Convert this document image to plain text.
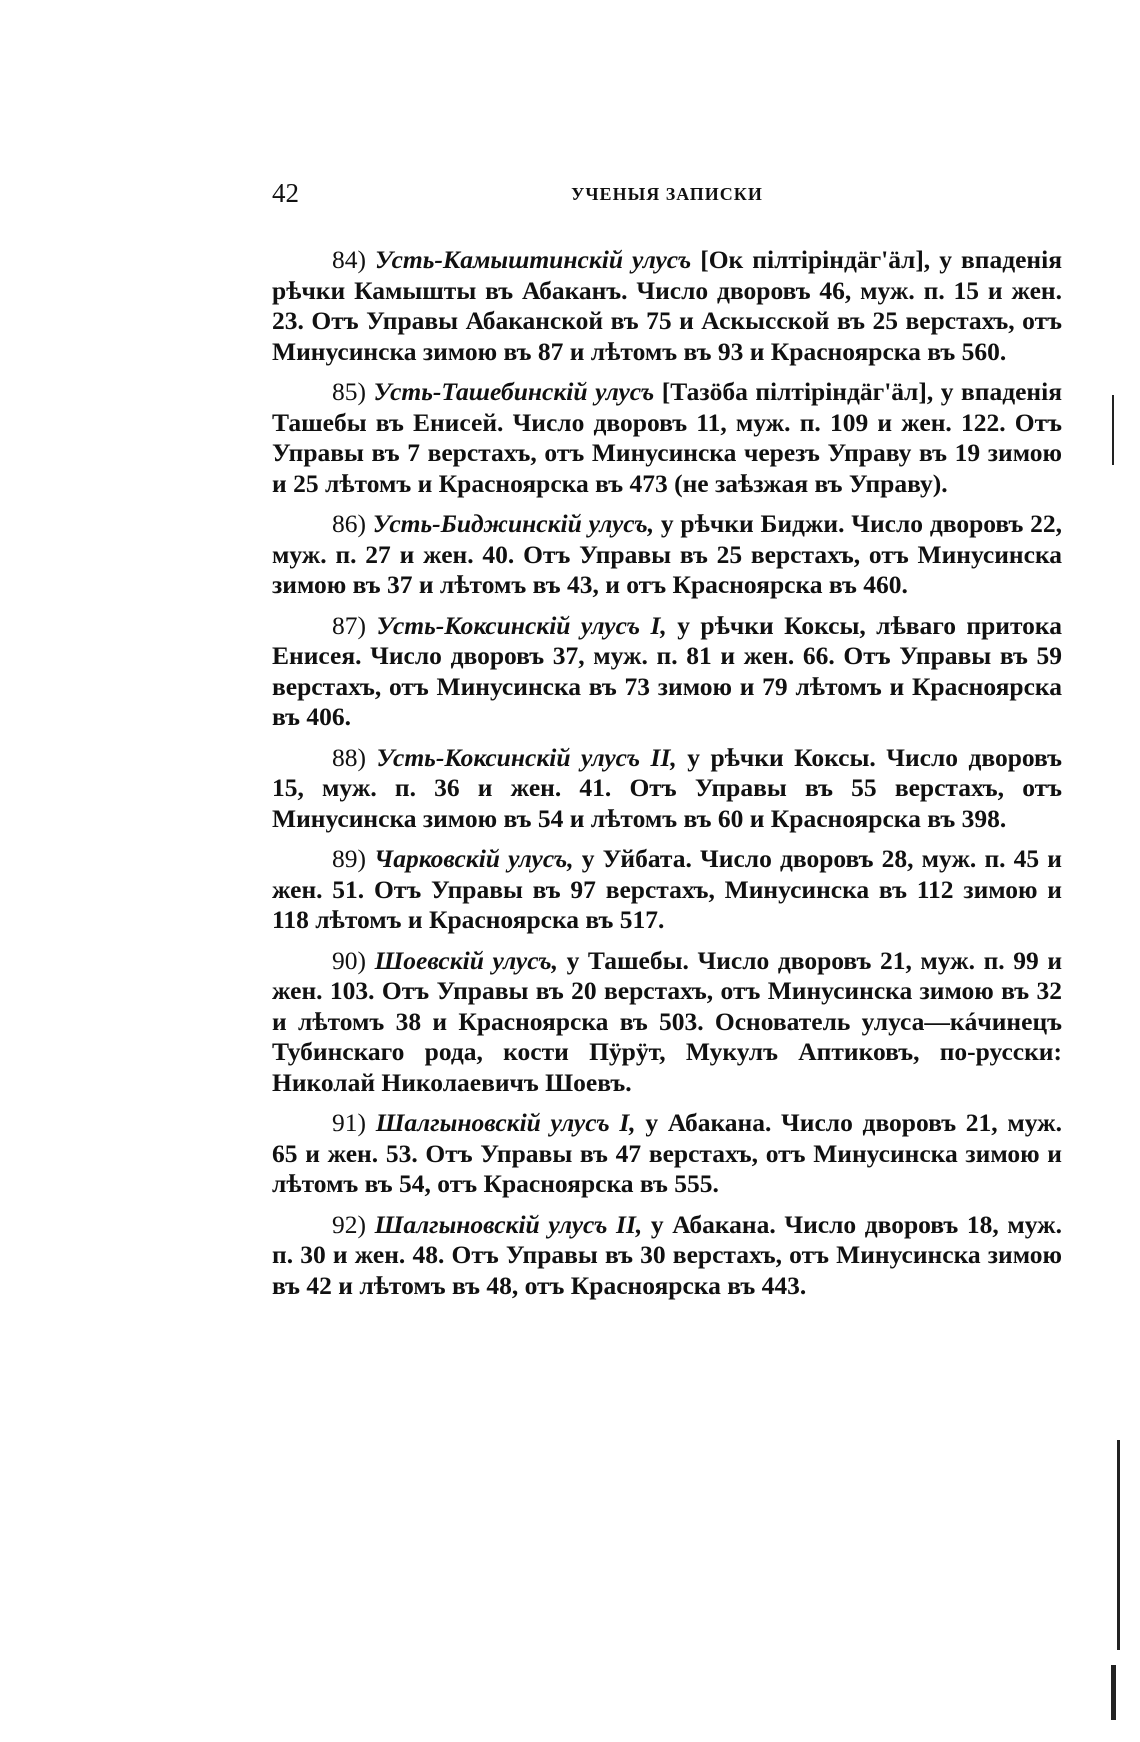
42	УЧЕНЫЯ ЗАПИСКИ

84) Усть-Камыштинскiй улусъ [Ок пiлтiрiндäг'äл], у впаденiя рѣчки Камышты въ Абаканъ. Число дворовъ 46, муж. п. 15 и жен. 23. Отъ Управы Абаканской въ 75 и Аскысской въ 25 верстахъ, отъ Минусинска зимою въ 87 и лѣтомъ въ 93 и Красноярска въ 560.

85) Усть-Ташебинскiй улусъ [Тазӧба пiлтiрiндäг'äл], у впаденiя Ташебы въ Енисей. Число дворовъ 11, муж. п. 109 и жен. 122. Отъ Управы въ 7 верстахъ, отъ Минусинска черезъ Управу въ 19 зимою и 25 лѣтомъ и Красноярска въ 473 (не заѣзжая въ Управу).

86) Усть-Биджинскiй улусъ, у рѣчки Биджи. Число дворовъ 22, муж. п. 27 и жен. 40. Отъ Управы въ 25 верстахъ, отъ Минусинска зимою въ 37 и лѣтомъ въ 43, и отъ Красноярска въ 460.

87) Усть-Коксинскiй улусъ I, у рѣчки Коксы, лѣваго притока Енисея. Число дворовъ 37, муж. п. 81 и жен. 66. Отъ Управы въ 59 верстахъ, отъ Минусинска въ 73 зимою и 79 лѣтомъ и Красноярска въ 406.

88) Усть-Коксинскiй улусъ II, у рѣчки Коксы. Число дворовъ 15, муж. п. 36 и жен. 41. Отъ Управы въ 55 верстахъ, отъ Минусинска зимою въ 54 и лѣтомъ въ 60 и Красноярска въ 398.

89) Чарковскiй улусъ, у Уйбата. Число дворовъ 28, муж. п. 45 и жен. 51. Отъ Управы въ 97 верстахъ, Минусинска въ 112 зимою и 118 лѣтомъ и Красноярска въ 517.

90) Шоевскiй улусъ, у Ташебы. Число дворовъ 21, муж. п. 99 и жен. 103. Отъ Управы въ 20 верстахъ, отъ Минусинска зимою въ 32 и лѣтомъ 38 и Красноярска въ 503. Основатель улуса—кáчинецъ Тубинскаго рода, кости Пÿрÿт, Мукулъ Аптиковъ, по-русски: Николай Николаевичъ Шоевъ.

91) Шалгыновскiй улусъ I, у Абакана. Число дворовъ 21, муж. 65 и жен. 53. Отъ Управы въ 47 верстахъ, отъ Минусинска зимою и лѣтомъ въ 54, отъ Красноярска въ 555.

92) Шалгыновскiй улусъ II, у Абакана. Число дворовъ 18, муж. п. 30 и жен. 48. Отъ Управы въ 30 верстахъ, отъ Минусинска зимою въ 42 и лѣтомъ въ 48, отъ Красноярска въ 443.
